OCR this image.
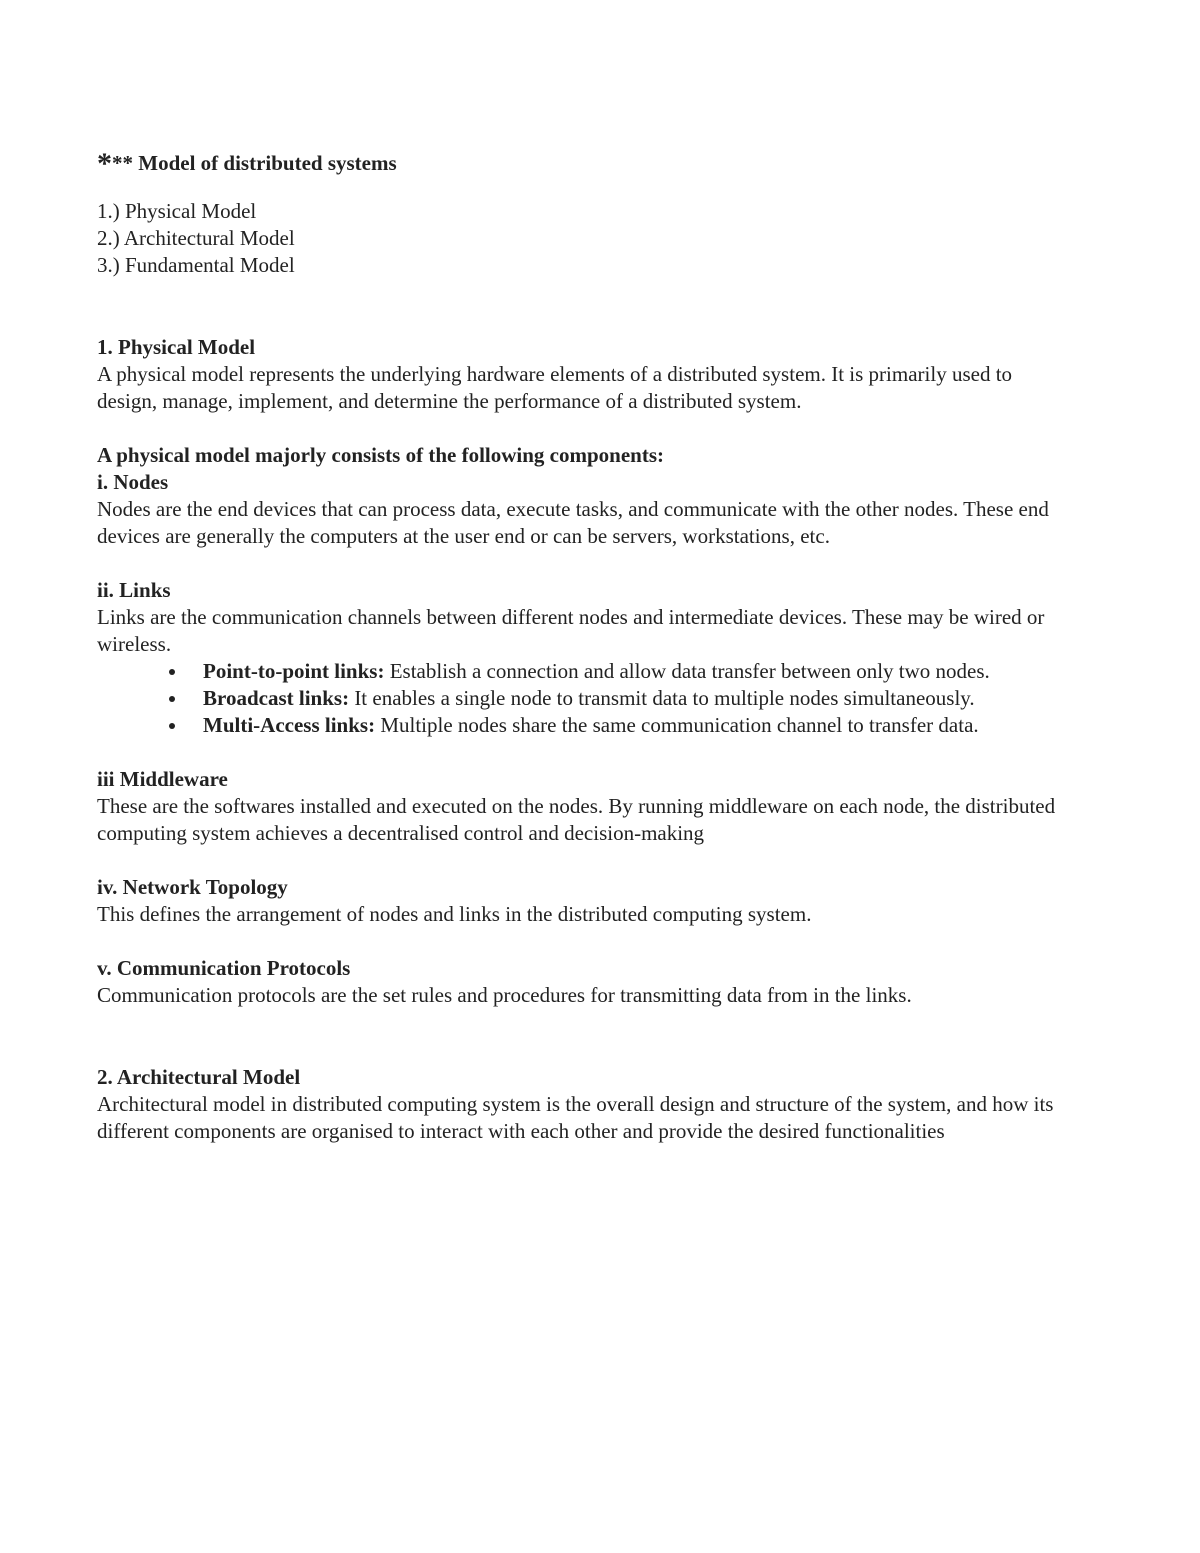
*** Model of distributed systems

1.) Physical Model
2.) Architectural Model
3.) Fundamental Model

1. Physical Model

A physical model represents the underlying hardware elements of a distributed system. It is primarily used to design, manage, implement, and determine the performance of a distributed system.

A physical model majorly consists of the following components:

i. Nodes

Nodes are the end devices that can process data, execute tasks, and communicate with the other nodes. These end devices are generally the computers at the user end or can be servers, workstations, etc.

ii. Links

Links are the communication channels between different nodes and intermediate devices. These may be wired or wireless.

Point-to-point links: Establish a connection and allow data transfer between only two nodes.
Broadcast links: It enables a single node to transmit data to multiple nodes simultaneously.
Multi-Access links: Multiple nodes share the same communication channel to transfer data.

iii Middleware

These are the softwares installed and executed on the nodes. By running middleware on each node, the distributed computing system achieves a decentralised control and decision-making

iv. Network Topology

This defines the arrangement of nodes and links in the distributed computing system.

v. Communication Protocols

Communication protocols are the set rules and procedures for transmitting data from in the links.

2. Architectural Model

Architectural model in distributed computing system is the overall design and structure of the system, and how its different components are organised to interact with each other and provide the desired functionalities
